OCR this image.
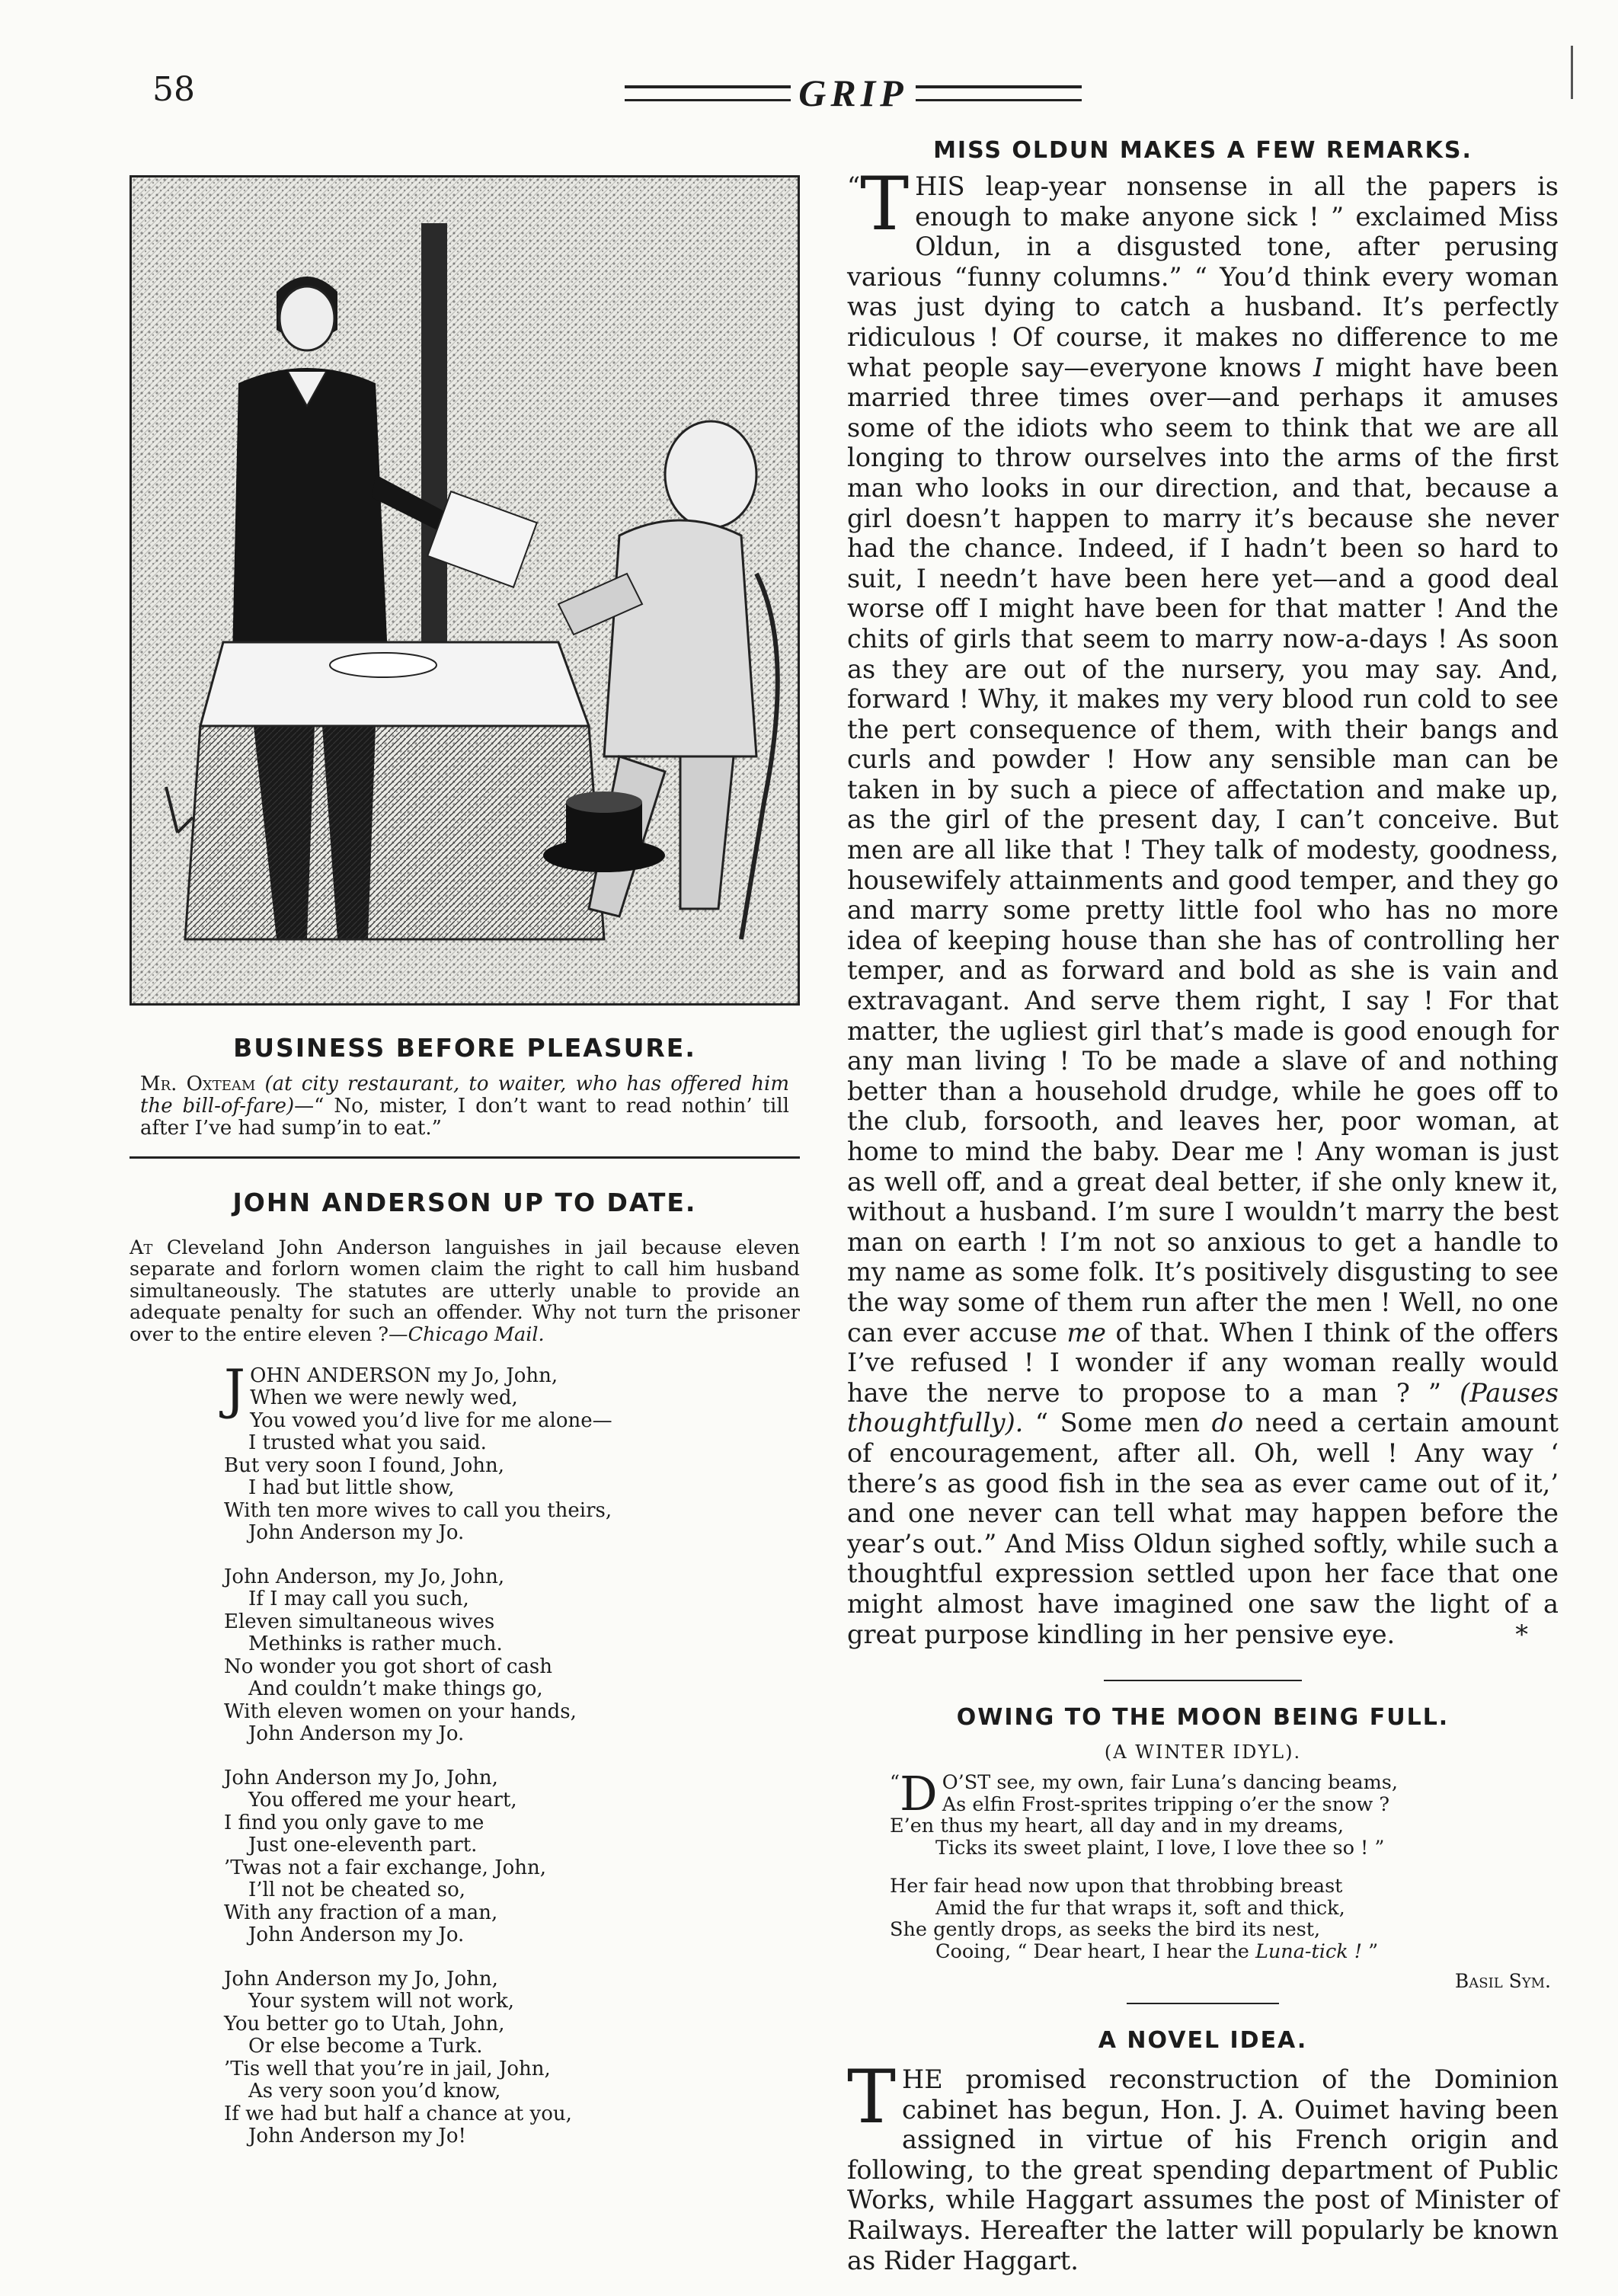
58	GRIP
BUSINESS BEFORE PLEASURE.

Mr. Oxteam (at city restaurant, to waiter, who has offered him the bill-of-fare)—“ No, mister, I don’t want to read nothin’ till after I’ve had sump’in to eat.”

JOHN ANDERSON UP TO DATE.

At Cleveland John Anderson languishes in jail because eleven separate and forlorn women claim the right to call him husband simultaneously. The statutes are utterly unable to provide an adequate penalty for such an offender. Why not turn the prisoner over to the entire eleven ?—Chicago Mail.

J OHN ANDERSON my Jo, John,
When we were newly wed,
You vowed you’d live for me alone—
I trusted what you said.
But very soon I found, John,
I had but little show,
With ten more wives to call you theirs,
John Anderson my Jo.
John Anderson, my Jo, John,
If I may call you such,
Eleven simultaneous wives
Methinks is rather much.
No wonder you got short of cash
And couldn’t make things go,
With eleven women on your hands,
John Anderson my Jo.
John Anderson my Jo, John,
You offered me your heart,
I find you only gave to me
Just one-eleventh part.
’Twas not a fair exchange, John,
I’ll not be cheated so,
With any fraction of a man,
John Anderson my Jo.
John Anderson my Jo, John,
Your system will not work,
You better go to Utah, John,
Or else become a Turk.
’Tis well that you’re in jail, John,
As very soon you’d know,
If we had but half a chance at you,
John Anderson my Jo!
MISS OLDUN MAKES A FEW REMARKS.

“ T HIS leap-year nonsense in all the papers is enough to make anyone sick ! ” exclaimed Miss Oldun, in a disgusted tone, after perusing various “funny columns.” “ You’d think every woman was just dying to catch a husband. It’s perfectly ridiculous ! Of course, it makes no difference to me what people say—everyone knows I might have been married three times over—and perhaps it amuses some of the idiots who seem to think that we are all longing to throw ourselves into the arms of the first man who looks in our direction, and that, because a girl doesn’t happen to marry it’s because she never had the chance. Indeed, if I hadn’t been so hard to suit, I needn’t have been here yet—and a good deal worse off I might have been for that matter ! And the chits of girls that seem to marry now-a-days ! As soon as they are out of the nursery, you may say. And, forward ! Why, it makes my very blood run cold to see the pert consequence of them, with their bangs and curls and powder ! How any sensible man can be taken in by such a piece of affectation and make up, as the girl of the present day, I can’t conceive. But men are all like that ! They talk of modesty, goodness, housewifely attainments and good temper, and they go and marry some pretty little fool who has no more idea of keeping house than she has of controlling her temper, and as forward and bold as she is vain and extravagant. And serve them right, I say ! For that matter, the ugliest girl that’s made is good enough for any man living ! To be made a slave of and nothing better than a household drudge, while he goes off to the club, forsooth, and leaves her, poor woman, at home to mind the baby. Dear me ! Any woman is just as well off, and a great deal better, if she only knew it, without a husband. I’m sure I wouldn’t marry the best man on earth ! I’m not so anxious to get a handle to my name as some folk. It’s positively disgusting to see the way some of them run after the men ! Well, no one can ever accuse me of that. When I think of the offers I’ve refused ! I wonder if any woman really would have the nerve to propose to a man ? ” (Pauses thoughtfully). “ Some men do need a certain amount of encouragement, after all. Oh, well ! Any way ‘ there’s as good fish in the sea as ever came out of it,’ and one never can tell what may happen before the year’s out.” And Miss Oldun sighed softly, while such a thoughtful expression settled upon her face that one might almost have imagined one saw the light of a great purpose kindling in her pensive eye.	*

OWING TO THE MOON BEING FULL.
(A WINTER IDYL).
“ D O’ST see, my own, fair Luna’s dancing beams,
As elfin Frost-sprites tripping o’er the snow ?
E’en thus my heart, all day and in my dreams,
Ticks its sweet plaint, I love, I love thee so ! ”
Her fair head now upon that throbbing breast
Amid the fur that wraps it, soft and thick,
She gently drops, as seeks the bird its nest,
Cooing, “ Dear heart, I hear the Luna-tick ! ”
Basil Sym.
A NOVEL IDEA.

THE promised reconstruction of the Dominion cabinet has begun, Hon. J. A. Ouimet having been assigned in virtue of his French origin and following, to the great spending department of Public Works, while Haggart assumes the post of Minister of Railways. Hereafter the latter will popularly be known as Rider Haggart.
